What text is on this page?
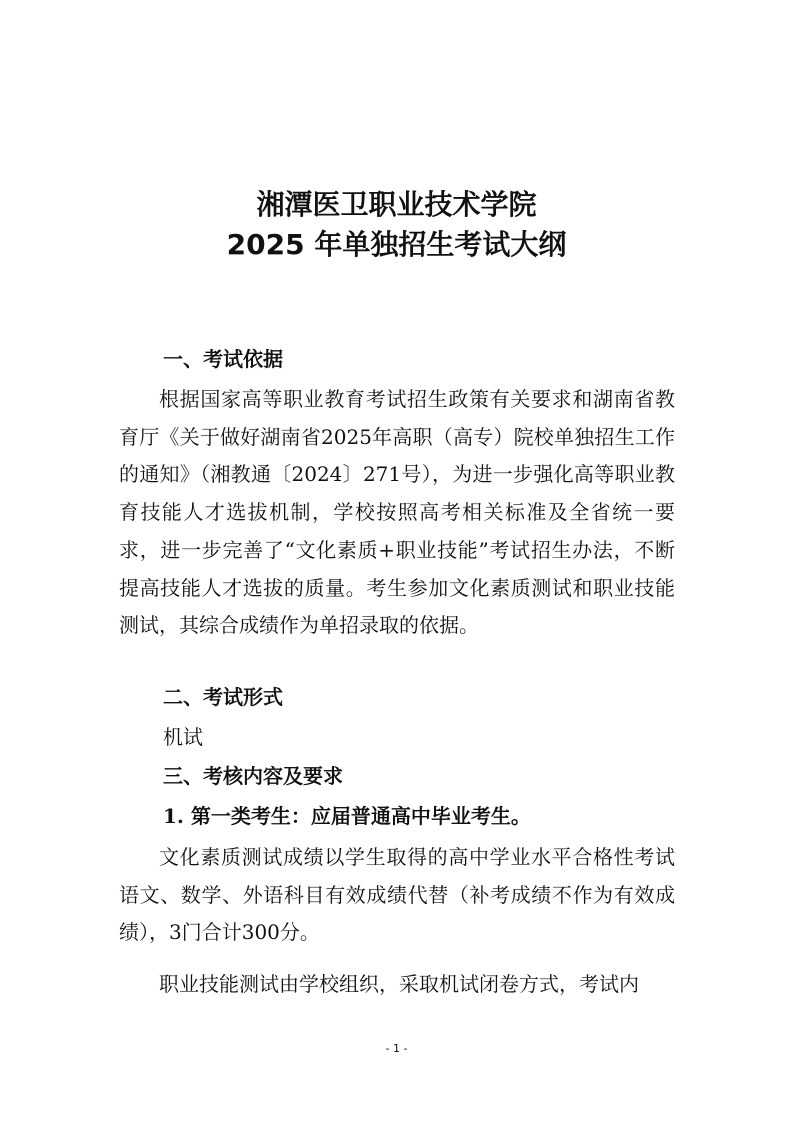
湘潭医卫职业技术学院
2025 年单独招生考试大纲
一、考试依据
根据国家高等职业教育考试招生政策有关要求和湖南省教育厅《关于做好湖南省2025年高职（高专）院校单独招生工作的通知》（湘教通〔2024〕271号），为进一步强化高等职业教育技能人才选拔机制，学校按照高考相关标准及全省统一要求，进一步完善了“文化素质+职业技能”考试招生办法，不断提高技能人才选拔的质量。考生参加文化素质测试和职业技能测试，其综合成绩作为单招录取的依据。
二、考试形式
机试
三、考核内容及要求
1. 第一类考生：应届普通高中毕业考生。
文化素质测试成绩以学生取得的高中学业水平合格性考试语文、数学、外语科目有效成绩代替（补考成绩不作为有效成绩），3门合计300分。
职业技能测试由学校组织，采取机试闭卷方式，考试内
- 1 -
